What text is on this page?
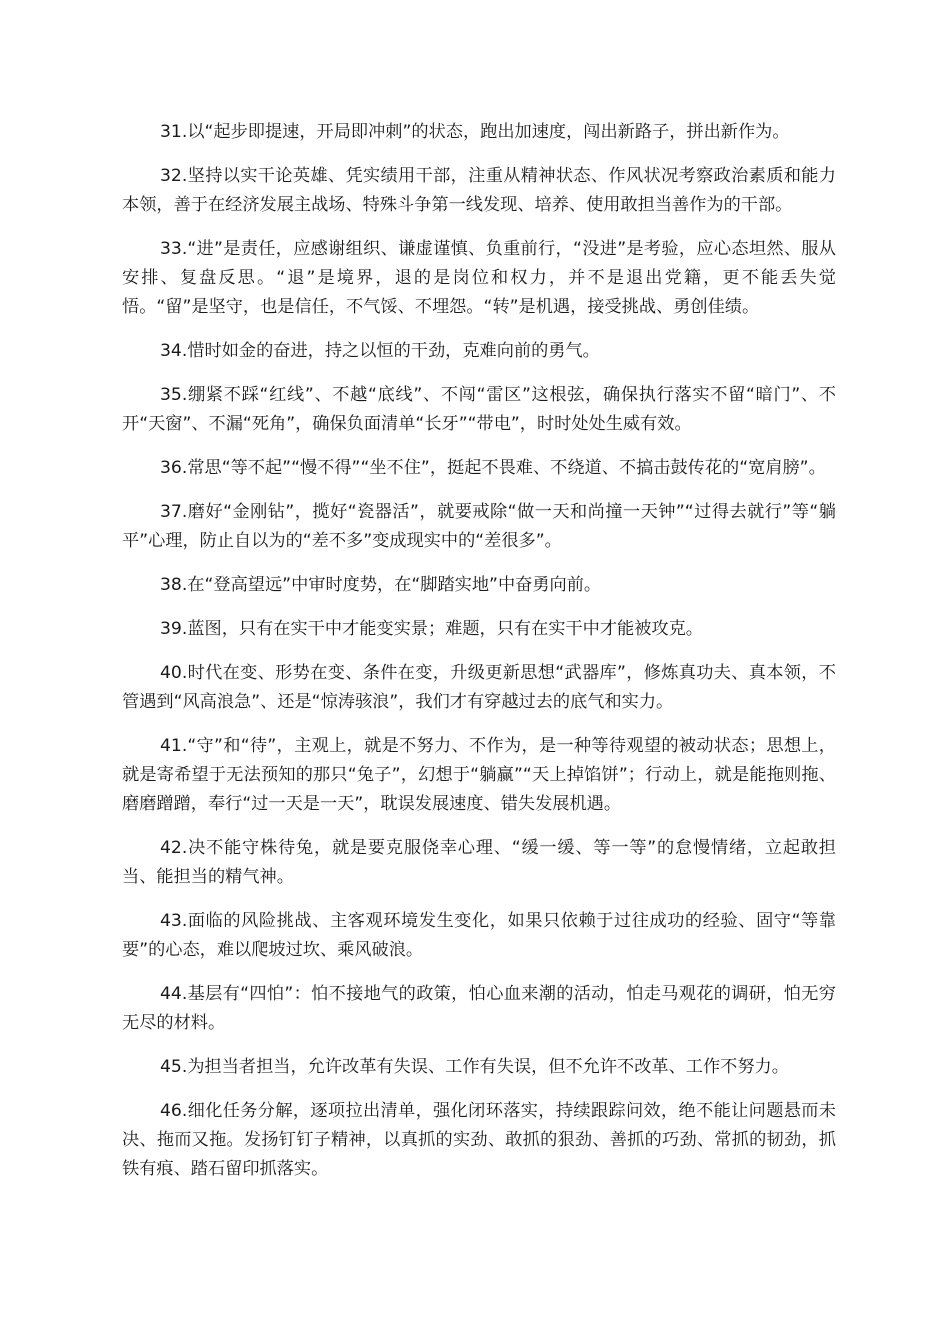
31.以“起步即提速，开局即冲刺”的状态，跑出加速度，闯出新路子，拼出新作为。

32.坚持以实干论英雄、凭实绩用干部，注重从精神状态、作风状况考察政治素质和能力本领，善于在经济发展主战场、特殊斗争第一线发现、培养、使用敢担当善作为的干部。

33.“进”是责任，应感谢组织、谦虚谨慎、负重前行，“没进”是考验，应心态坦然、服从安排、复盘反思。“退”是境界，退的是岗位和权力，并不是退出党籍，更不能丢失觉悟。“留”是坚守，也是信任，不气馁、不埋怨。“转”是机遇，接受挑战、勇创佳绩。

34.惜时如金的奋进，持之以恒的干劲，克难向前的勇气。

35.绷紧不踩“红线”、不越“底线”、不闯“雷区”这根弦，确保执行落实不留“暗门”、不开“天窗”、不漏“死角”，确保负面清单“长牙”“带电”，时时处处生威有效。

36.常思“等不起”“慢不得”“坐不住”，挺起不畏难、不绕道、不搞击鼓传花的“宽肩膀”。

37.磨好“金刚钻”，揽好“瓷器活”，就要戒除“做一天和尚撞一天钟”“过得去就行”等“躺平”心理，防止自以为的“差不多”变成现实中的“差很多”。

38.在“登高望远”中审时度势，在“脚踏实地”中奋勇向前。

39.蓝图，只有在实干中才能变实景；难题，只有在实干中才能被攻克。

40.时代在变、形势在变、条件在变，升级更新思想“武器库”，修炼真功夫、真本领，不管遇到“风高浪急”、还是“惊涛骇浪”，我们才有穿越过去的底气和实力。

41.“守”和“待”，主观上，就是不努力、不作为，是一种等待观望的被动状态；思想上，就是寄希望于无法预知的那只“兔子”，幻想于“躺赢”“天上掉馅饼”；行动上，就是能拖则拖、磨磨蹭蹭，奉行“过一天是一天”，耽误发展速度、错失发展机遇。

42.决不能守株待兔，就是要克服侥幸心理、“缓一缓、等一等”的怠慢情绪，立起敢担当、能担当的精气神。

43.面临的风险挑战、主客观环境发生变化，如果只依赖于过往成功的经验、固守“等靠要”的心态，难以爬坡过坎、乘风破浪。

44.基层有“四怕”：怕不接地气的政策，怕心血来潮的活动，怕走马观花的调研，怕无穷无尽的材料。

45.为担当者担当，允许改革有失误、工作有失误，但不允许不改革、工作不努力。

46.细化任务分解，逐项拉出清单，强化闭环落实，持续跟踪问效，绝不能让问题悬而未决、拖而又拖。发扬钉钉子精神，以真抓的实劲、敢抓的狠劲、善抓的巧劲、常抓的韧劲，抓铁有痕、踏石留印抓落实。
